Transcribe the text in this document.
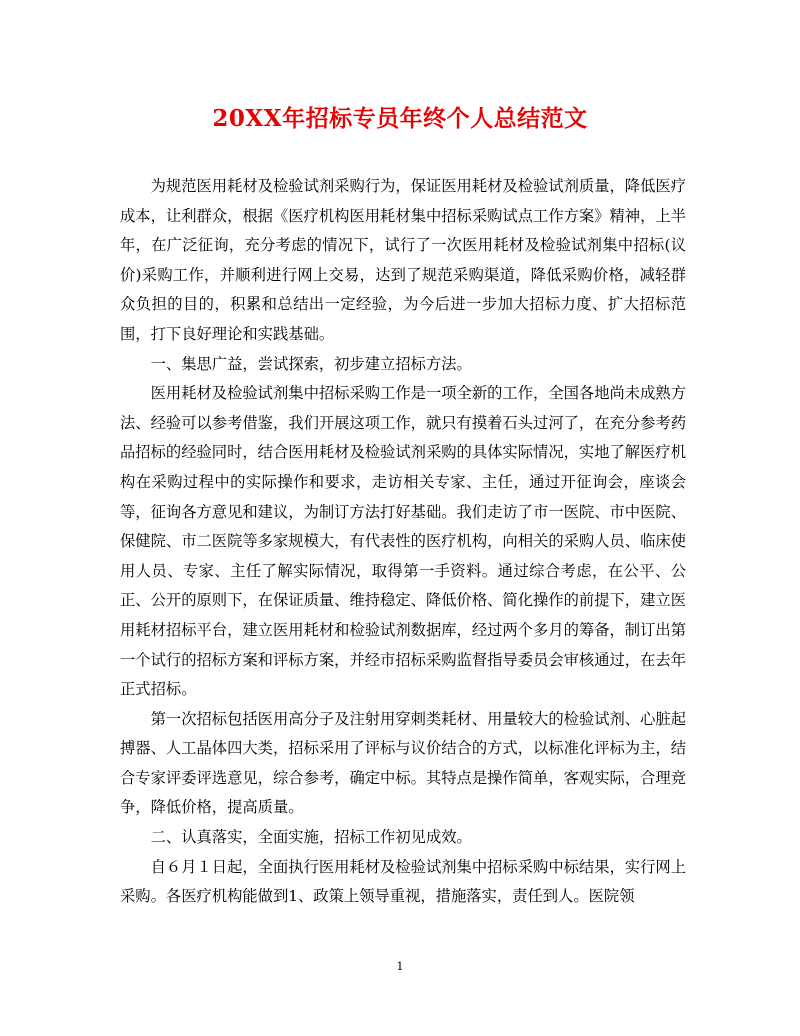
20XX年招标专员年终个人总结范文

为规范医用耗材及检验试剂采购行为，保证医用耗材及检验试剂质量，降低医疗成本，让利群众，根据《医疗机构医用耗材集中招标采购试点工作方案》精神，上半年，在广泛征询，充分考虑的情况下，试行了一次医用耗材及检验试剂集中招标(议价)采购工作，并顺利进行网上交易，达到了规范采购渠道，降低采购价格，减轻群众负担的目的，积累和总结出一定经验，为今后进一步加大招标力度、扩大招标范围，打下良好理论和实践基础。

一、集思广益，尝试探索，初步建立招标方法。

医用耗材及检验试剂集中招标采购工作是一项全新的工作，全国各地尚未成熟方法、经验可以参考借鉴，我们开展这项工作，就只有摸着石头过河了，在充分参考药品招标的经验同时，结合医用耗材及检验试剂采购的具体实际情况，实地了解医疗机构在采购过程中的实际操作和要求，走访相关专家、主任，通过开征询会，座谈会等，征询各方意见和建议，为制订方法打好基础。我们走访了市一医院、市中医院、保健院、市二医院等多家规模大，有代表性的医疗机构，向相关的采购人员、临床使用人员、专家、主任了解实际情况，取得第一手资料。通过综合考虑，在公平、公正、公开的原则下，在保证质量、维持稳定、降低价格、简化操作的前提下，建立医用耗材招标平台，建立医用耗材和检验试剂数据库，经过两个多月的筹备，制订出第一个试行的招标方案和评标方案，并经市招标采购监督指导委员会审核通过，在去年正式招标。

第一次招标包括医用高分子及注射用穿刺类耗材、用量较大的检验试剂、心脏起搏器、人工晶体四大类，招标采用了评标与议价结合的方式，以标准化评标为主，结合专家评委评选意见，综合参考，确定中标。其特点是操作简单，客观实际，合理竞争，降低价格，提高质量。

二、认真落实，全面实施，招标工作初见成效。

自６月１日起，全面执行医用耗材及检验试剂集中招标采购中标结果，实行网上采购。各医疗机构能做到1、政策上领导重视，措施落实，责任到人。医院领

1
